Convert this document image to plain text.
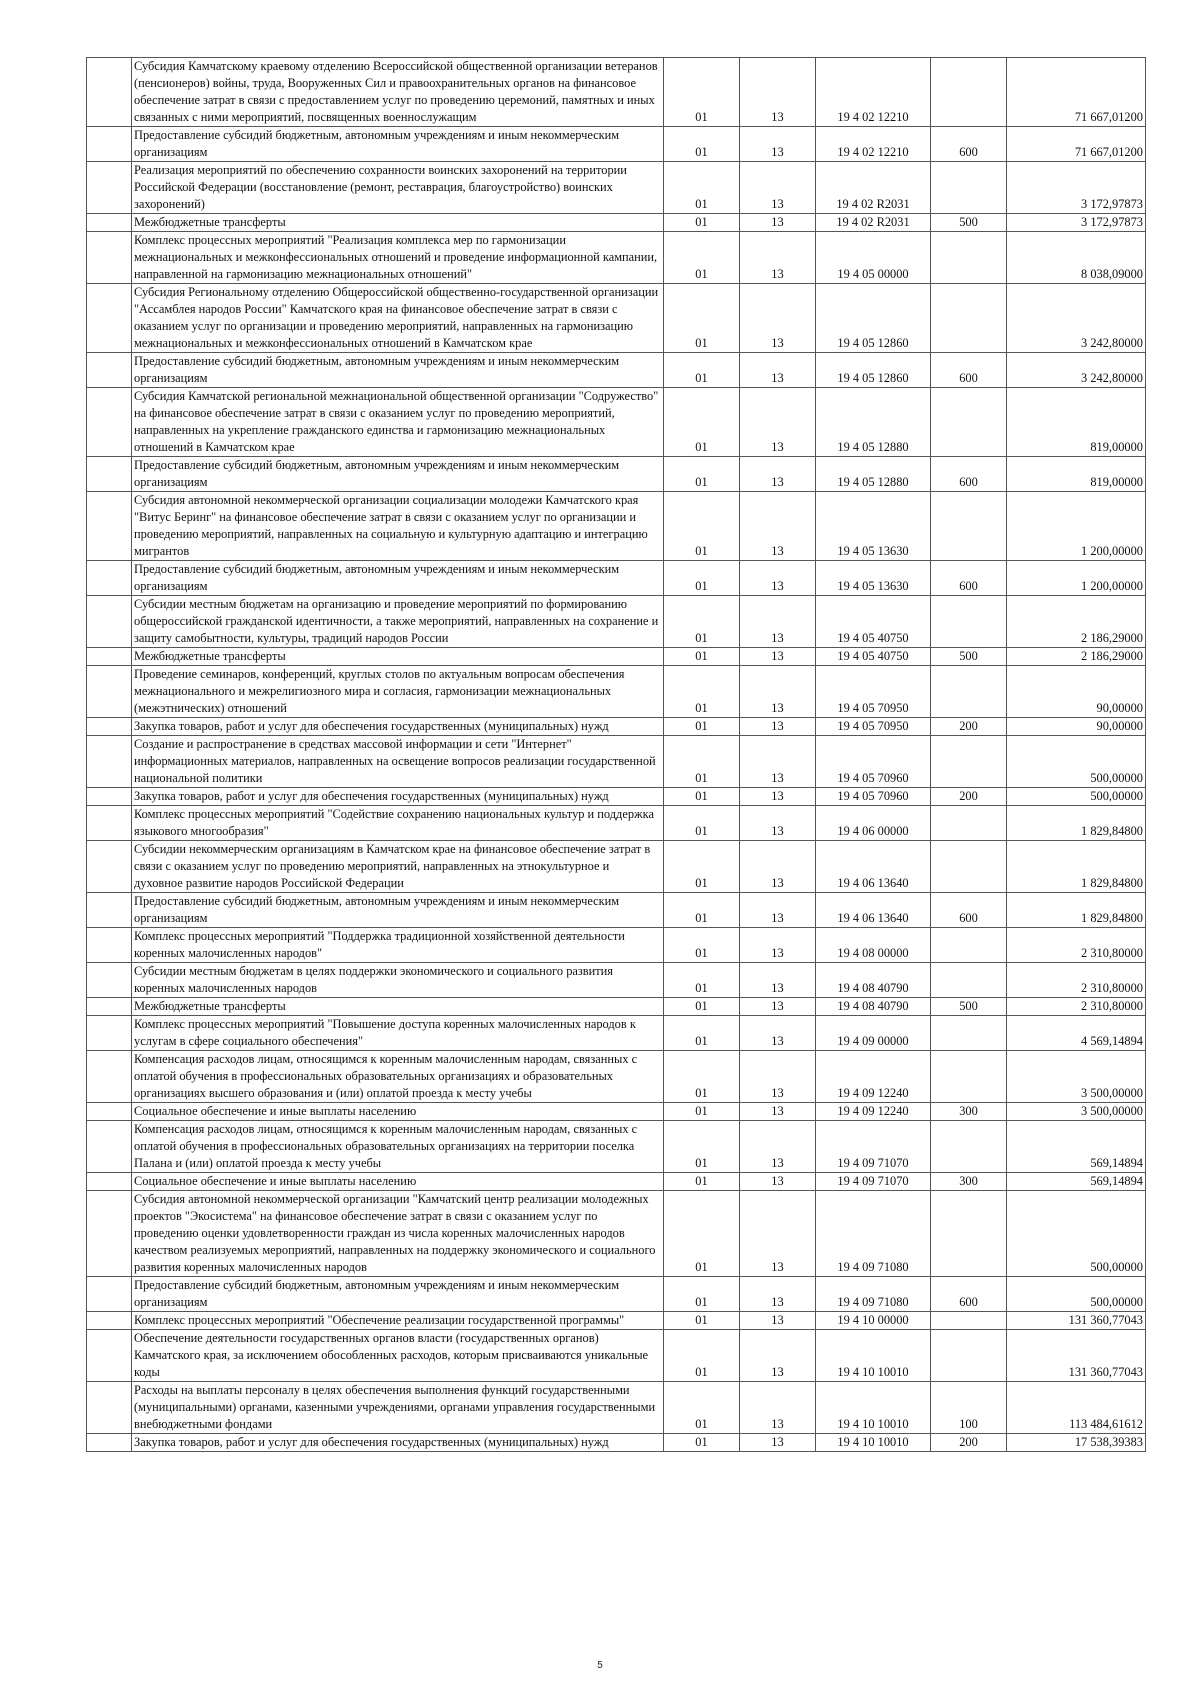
	Субсидия Камчатскому краевому отделению Всероссийской общественной организации ветеранов (пенсионеров) войны, труда, Вооруженных Сил и правоохранительных органов на финансовое обеспечение затрат в связи с предоставлением услуг по проведению церемоний, памятных и иных связанных с ними мероприятий, посвященных военнослужащим	01	13	19 4 02 12210		71 667,01200
	Предоставление субсидий бюджетным, автономным учреждениям и иным некоммерческим организациям	01	13	19 4 02 12210	600	71 667,01200
	Реализация мероприятий по обеспечению сохранности воинских захоронений на территории Российской Федерации (восстановление (ремонт, реставрация, благоустройство) воинских захоронений)	01	13	19 4 02 R2031		3 172,97873
	Межбюджетные трансферты	01	13	19 4 02 R2031	500	3 172,97873
	Комплекс процессных мероприятий "Реализация комплекса мер по гармонизации межнациональных и межконфессиональных отношений и проведение информационной кампании, направленной на гармонизацию межнациональных отношений"	01	13	19 4 05 00000		8 038,09000
	Субсидия Региональному отделению Общероссийской общественно-государственной организации "Ассамблея народов России" Камчатского края на финансовое обеспечение затрат в связи с оказанием услуг по организации и проведению мероприятий, направленных на гармонизацию межнациональных и межконфессиональных отношений в Камчатском крае	01	13	19 4 05 12860		3 242,80000
	Предоставление субсидий бюджетным, автономным учреждениям и иным некоммерческим организациям	01	13	19 4 05 12860	600	3 242,80000
	Субсидия Камчатской региональной межнациональной общественной организации "Содружество" на финансовое обеспечение затрат в связи с оказанием услуг по проведению мероприятий, направленных на укрепление гражданского единства и гармонизацию межнациональных отношений в Камчатском крае	01	13	19 4 05 12880		819,00000
	Предоставление субсидий бюджетным, автономным учреждениям и иным некоммерческим организациям	01	13	19 4 05 12880	600	819,00000
	Субсидия автономной некоммерческой организации социализации молодежи Камчатского края "Витус Беринг" на финансовое обеспечение затрат в связи с оказанием услуг по организации и проведению мероприятий, направленных на социальную и культурную адаптацию и интеграцию мигрантов	01	13	19 4 05 13630		1 200,00000
	Предоставление субсидий бюджетным, автономным учреждениям и иным некоммерческим организациям	01	13	19 4 05 13630	600	1 200,00000
	Субсидии местным бюджетам на организацию и проведение мероприятий по формированию общероссийской гражданской идентичности, а также мероприятий, направленных на сохранение и защиту самобытности, культуры, традиций народов России	01	13	19 4 05 40750		2 186,29000
	Межбюджетные трансферты	01	13	19 4 05 40750	500	2 186,29000
	Проведение семинаров, конференций, круглых столов по актуальным вопросам обеспечения межнационального и межрелигиозного мира и согласия, гармонизации межнациональных (межэтнических) отношений	01	13	19 4 05 70950		90,00000
	Закупка товаров, работ и услуг для обеспечения государственных (муниципальных) нужд	01	13	19 4 05 70950	200	90,00000
	Создание и распространение в средствах массовой информации и сети "Интернет" информационных материалов, направленных на освещение вопросов реализации государственной национальной политики	01	13	19 4 05 70960		500,00000
	Закупка товаров, работ и услуг для обеспечения государственных (муниципальных) нужд	01	13	19 4 05 70960	200	500,00000
	Комплекс процессных мероприятий "Содействие сохранению национальных культур и поддержка языкового многообразия"	01	13	19 4 06 00000		1 829,84800
	Субсидии некоммерческим организациям в Камчатском крае на финансовое обеспечение затрат в связи с оказанием услуг по проведению мероприятий, направленных на этнокультурное и духовное развитие народов Российской Федерации	01	13	19 4 06 13640		1 829,84800
	Предоставление субсидий бюджетным, автономным учреждениям и иным некоммерческим организациям	01	13	19 4 06 13640	600	1 829,84800
	Комплекс процессных мероприятий "Поддержка традиционной хозяйственной деятельности коренных малочисленных народов"	01	13	19 4 08 00000		2 310,80000
	Субсидии местным бюджетам в целях поддержки экономического и социального развития коренных малочисленных народов	01	13	19 4 08 40790		2 310,80000
	Межбюджетные трансферты	01	13	19 4 08 40790	500	2 310,80000
	Комплекс процессных мероприятий "Повышение доступа коренных малочисленных народов к услугам в сфере социального обеспечения"	01	13	19 4 09 00000		4 569,14894
	Компенсация расходов лицам, относящимся к коренным малочисленным народам, связанных с оплатой обучения в профессиональных образовательных организациях и образовательных организациях высшего образования и (или) оплатой проезда к месту учебы	01	13	19 4 09 12240		3 500,00000
	Социальное обеспечение и иные выплаты населению	01	13	19 4 09 12240	300	3 500,00000
	Компенсация расходов лицам, относящимся к коренным малочисленным народам, связанных с оплатой обучения в профессиональных образовательных организациях на территории поселка Палана и (или) оплатой проезда к месту учебы	01	13	19 4 09 71070		569,14894
	Социальное обеспечение и иные выплаты населению	01	13	19 4 09 71070	300	569,14894
	Субсидия автономной некоммерческой организации "Камчатский центр реализации молодежных проектов "Экосистема" на финансовое обеспечение затрат в связи с оказанием услуг по проведению оценки удовлетворенности граждан из числа коренных малочисленных народов качеством реализуемых мероприятий, направленных на поддержку экономического и социального развития коренных малочисленных народов	01	13	19 4 09 71080		500,00000
	Предоставление субсидий бюджетным, автономным учреждениям и иным некоммерческим организациям	01	13	19 4 09 71080	600	500,00000
	Комплекс процессных мероприятий "Обеспечение реализации государственной программы"	01	13	19 4 10 00000		131 360,77043
	Обеспечение деятельности государственных органов власти (государственных органов) Камчатского края, за исключением обособленных расходов, которым присваиваются уникальные коды	01	13	19 4 10 10010		131 360,77043
	Расходы на выплаты персоналу в целях обеспечения выполнения функций государственными (муниципальными) органами, казенными учреждениями, органами управления государственными внебюджетными фондами	01	13	19 4 10 10010	100	113 484,61612
	Закупка товаров, работ и услуг для обеспечения государственных (муниципальных) нужд	01	13	19 4 10 10010	200	17 538,39383
5
